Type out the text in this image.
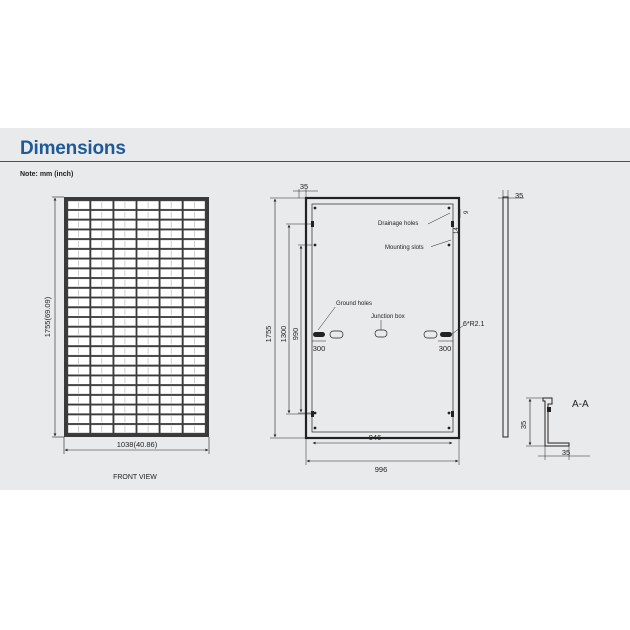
Dimensions
Note: mm (inch)
1755(69.09)
1038(40.86)
FRONT VIEW
35
1755 1300 990
Drainage holes
9
14
Mounting slots
Ground holes
Junction box
6*R2.1
300	300
946
996
35
35
35
A-A
